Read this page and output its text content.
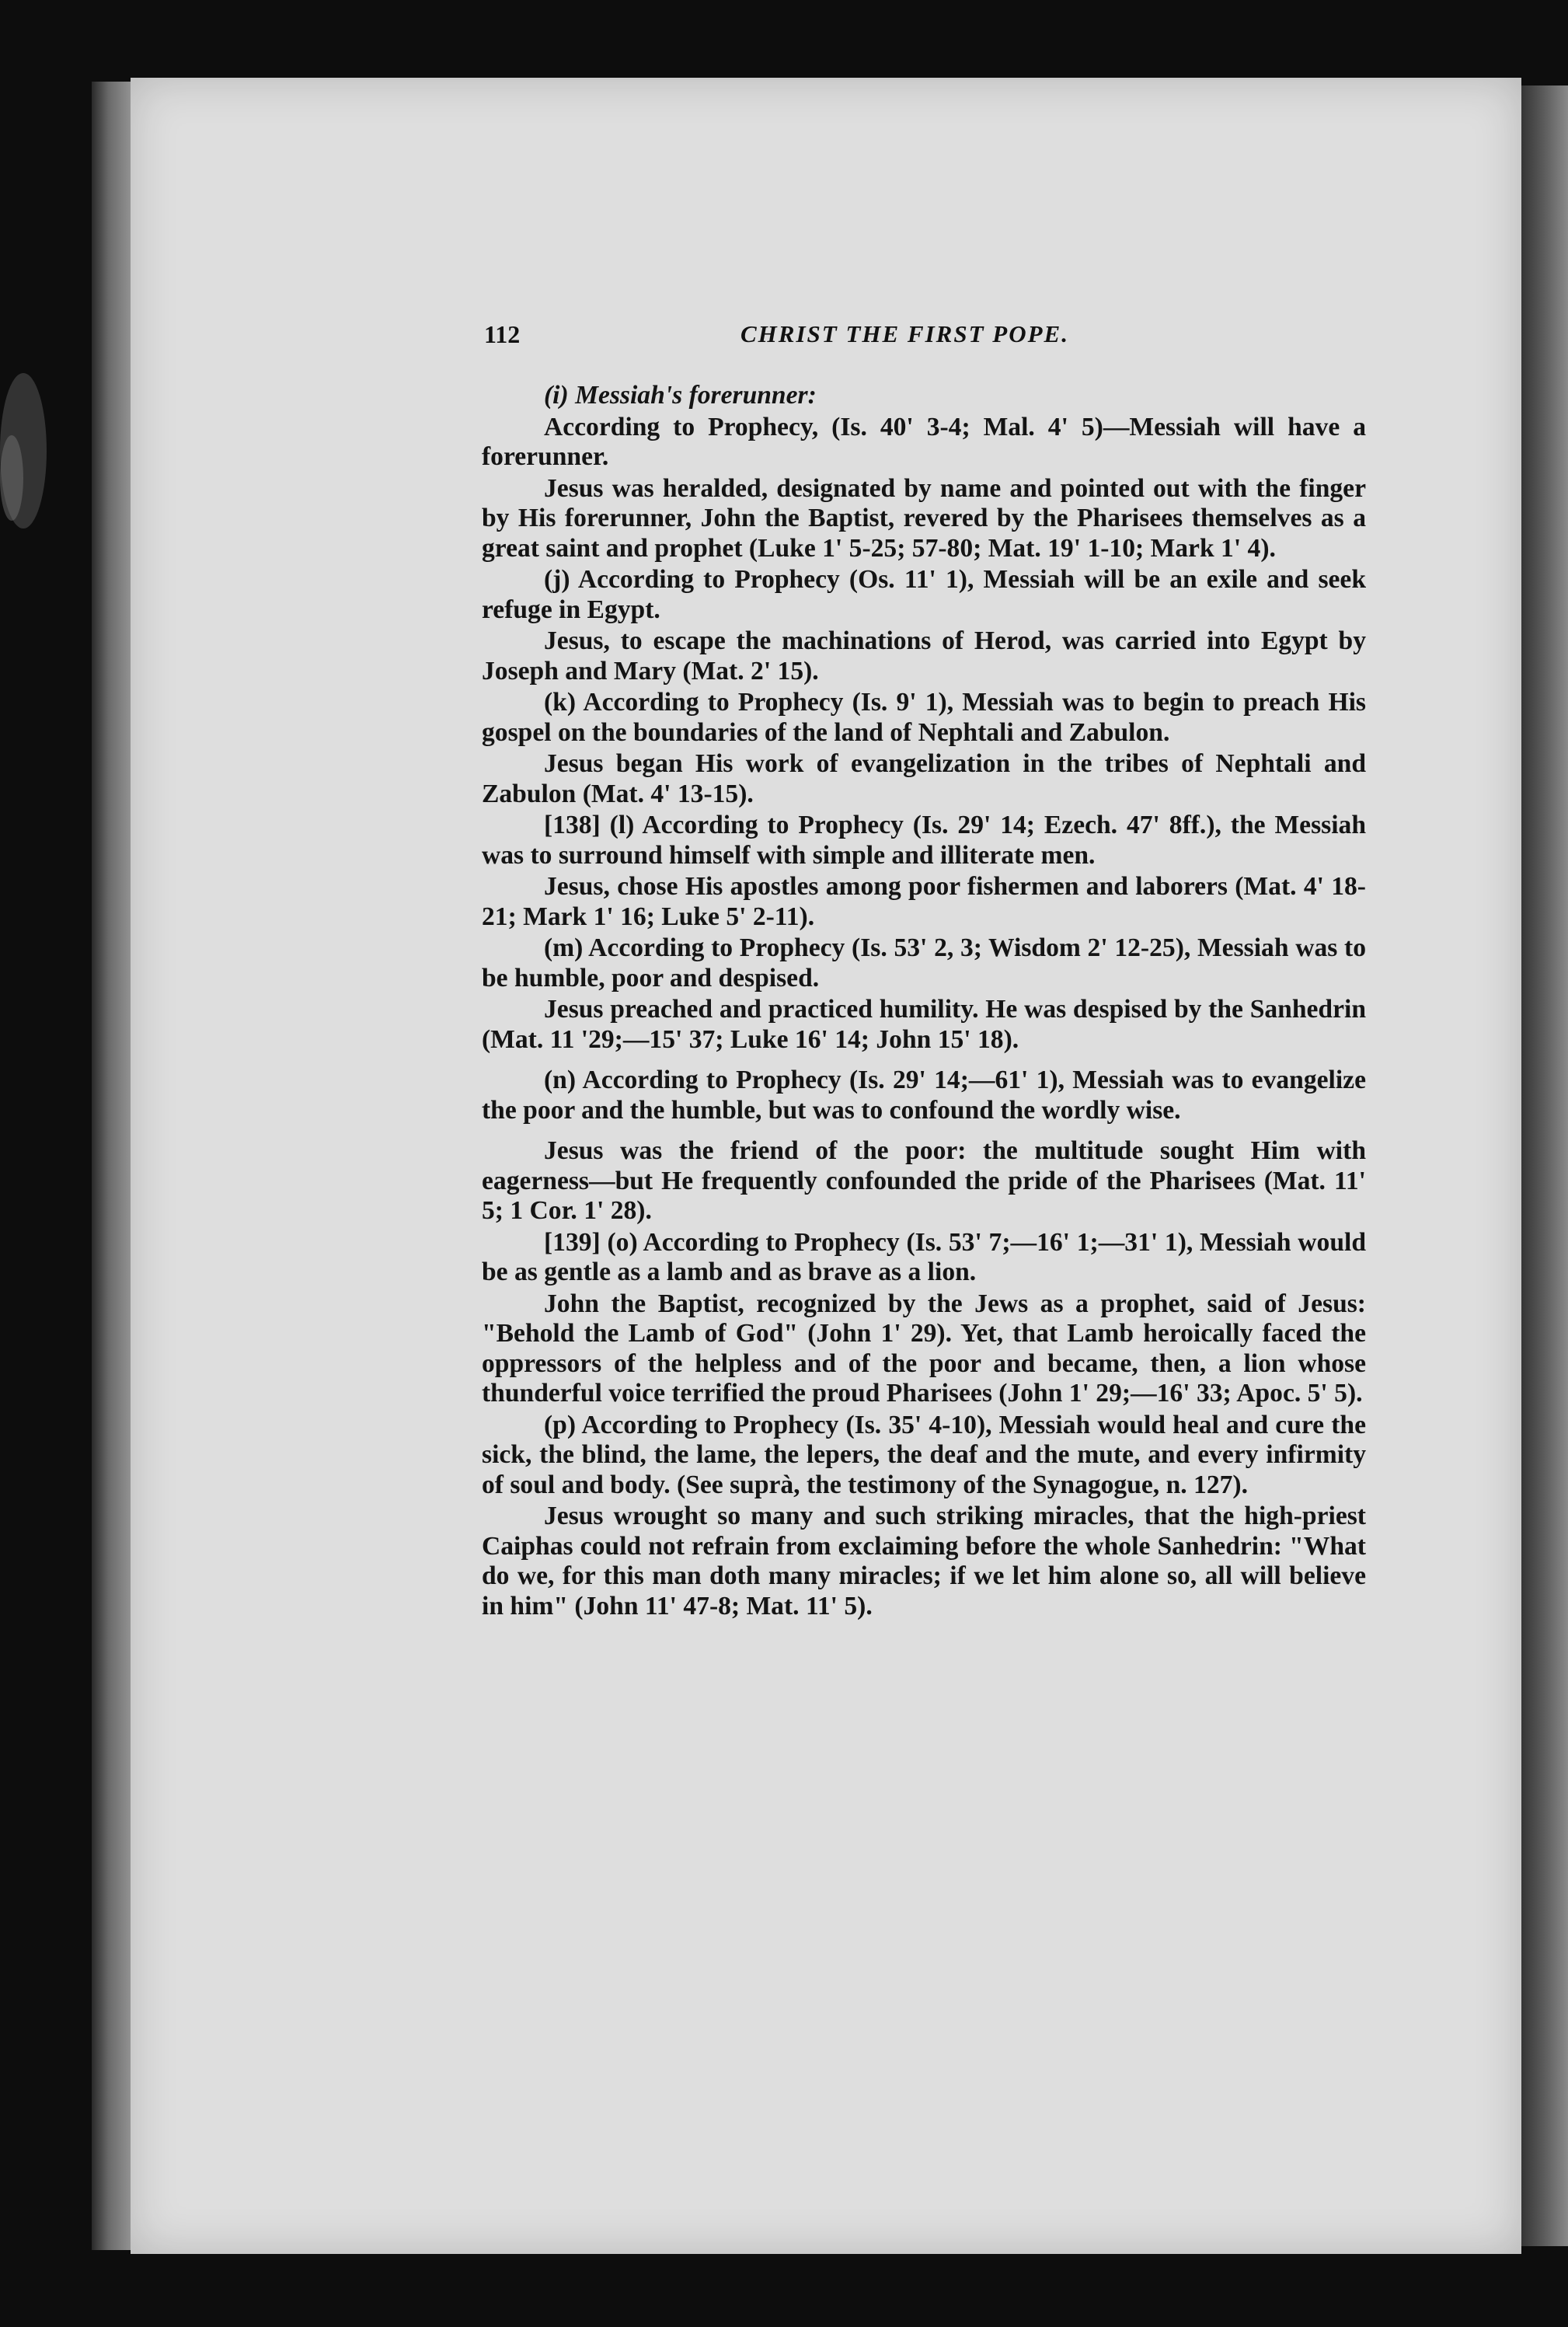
112	CHRIST THE FIRST POPE.

(i) Messiah's forerunner:

According to Prophecy, (Is. 40' 3-4; Mal. 4' 5)—Messiah will have a forerunner.

Jesus was heralded, designated by name and pointed out with the finger by His forerunner, John the Baptist, revered by the Pharisees themselves as a great saint and prophet (Luke 1' 5-25; 57-80; Mat. 19' 1-10; Mark 1' 4).

(j) According to Prophecy (Os. 11' 1), Messiah will be an exile and seek refuge in Egypt.

Jesus, to escape the machinations of Herod, was carried into Egypt by Joseph and Mary (Mat. 2' 15).

(k) According to Prophecy (Is. 9' 1), Messiah was to begin to preach His gospel on the boundaries of the land of Nephtali and Zabulon.

Jesus began His work of evangelization in the tribes of Nephtali and Zabulon (Mat. 4' 13-15).

[138] (l) According to Prophecy (Is. 29' 14; Ezech. 47' 8ff.), the Messiah was to surround himself with simple and illiterate men.

Jesus, chose His apostles among poor fishermen and laborers (Mat. 4' 18-21; Mark 1' 16; Luke 5' 2-11).

(m) According to Prophecy (Is. 53' 2, 3; Wisdom 2' 12-25), Messiah was to be humble, poor and despised.

Jesus preached and practiced humility. He was despised by the Sanhedrin (Mat. 11 '29;—15' 37; Luke 16' 14; John 15' 18).

(n) According to Prophecy (Is. 29' 14;—61' 1), Messiah was to evangelize the poor and the humble, but was to confound the wordly wise.

Jesus was the friend of the poor: the multitude sought Him with eagerness—but He frequently confounded the pride of the Pharisees (Mat. 11' 5; 1 Cor. 1' 28).

[139] (o) According to Prophecy (Is. 53' 7;—16' 1;—31' 1), Messiah would be as gentle as a lamb and as brave as a lion.

John the Baptist, recognized by the Jews as a prophet, said of Jesus: "Behold the Lamb of God" (John 1' 29). Yet, that Lamb heroically faced the oppressors of the helpless and of the poor and became, then, a lion whose thunderful voice terrified the proud Pharisees (John 1' 29;—16' 33; Apoc. 5' 5).

(p) According to Prophecy (Is. 35' 4-10), Messiah would heal and cure the sick, the blind, the lame, the lepers, the deaf and the mute, and every infirmity of soul and body. (See suprà, the testimony of the Synagogue, n. 127).

Jesus wrought so many and such striking miracles, that the high-priest Caiphas could not refrain from exclaiming before the whole Sanhedrin: "What do we, for this man doth many miracles; if we let him alone so, all will believe in him" (John 11' 47-8; Mat. 11' 5).
